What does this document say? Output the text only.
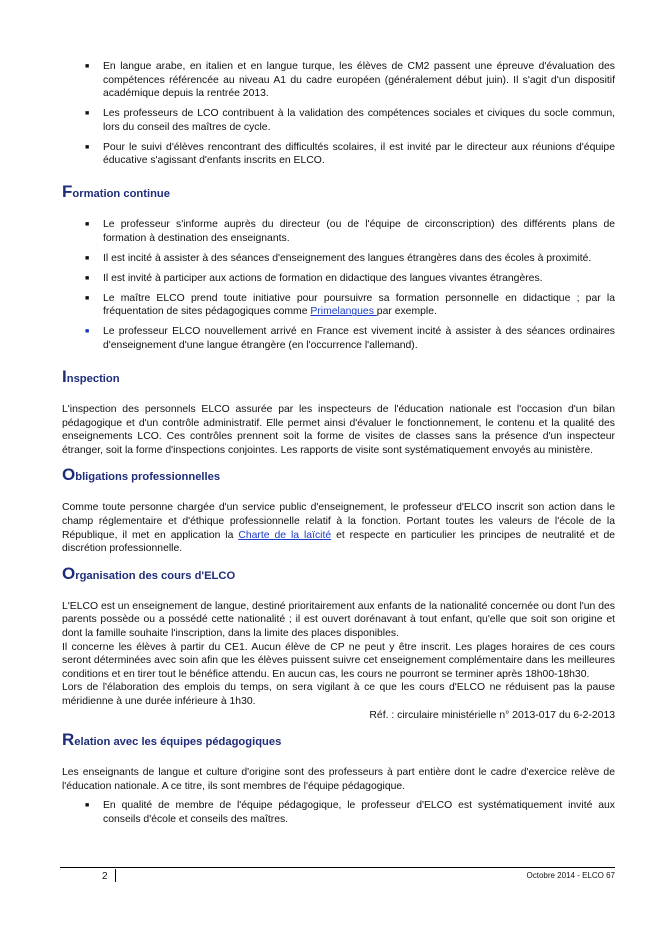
■ En langue arabe, en italien et en langue turque, les élèves de CM2 passent une épreuve d'évaluation des compétences référencée au niveau A1 du cadre européen (généralement début juin). Il s'agit d'un dispositif académique depuis la rentrée 2013.
■ Les professeurs de LCO contribuent à la validation des compétences sociales et civiques du socle commun, lors du conseil des maîtres de cycle.
■ Pour le suivi d'élèves rencontrant des difficultés scolaires, il est invité par le directeur aux réunions d'équipe éducative s'agissant d'enfants inscrits en ELCO.
Formation continue
■ Le professeur s'informe auprès du directeur (ou de l'équipe de circonscription) des différents plans de formation à destination des enseignants.
■ Il est incité à assister à des séances d'enseignement des langues étrangères dans des écoles à proximité.
■ Il est invité à participer aux actions de formation en didactique des langues vivantes étrangères.
■ Le maître ELCO prend toute initiative pour poursuivre sa formation personnelle en didactique ; par la fréquentation de sites pédagogiques comme Primelangues par exemple.
■ Le professeur ELCO nouvellement arrivé en France est vivement incité à assister à des séances ordinaires d'enseignement d'une langue étrangère (en l'occurrence l'allemand).
Inspection

L'inspection des personnels ELCO assurée par les inspecteurs de l'éducation nationale est l'occasion d'un bilan pédagogique et d'un contrôle administratif. Elle permet ainsi d'évaluer le fonctionnement, le contenu et la qualité des enseignements LCO. Ces contrôles prennent soit la forme de visites de classes sans la présence d'un inspecteur étranger, soit la forme d'inspections conjointes. Les rapports de visite sont systématiquement envoyés au ministère.

Obligations professionnelles

Comme toute personne chargée d'un service public d'enseignement, le professeur d'ELCO inscrit son action dans le champ réglementaire et d'éthique professionnelle relatif à la fonction. Portant toutes les valeurs de l'école de la République, il met en application la Charte de la laïcité et respecte en particulier les principes de neutralité et de discrétion professionnelle.

Organisation des cours d'ELCO

L'ELCO est un enseignement de langue, destiné prioritairement aux enfants de la nationalité concernée ou dont l'un des parents possède ou a possédé cette nationalité ; il est ouvert dorénavant à tout enfant, qu'elle que soit son origine et dont la famille souhaite l'inscription, dans la limite des places disponibles.

Il concerne les élèves à partir du CE1. Aucun élève de CP ne peut y être inscrit. Les plages horaires de ces cours seront déterminées avec soin afin que les élèves puissent suivre cet enseignement complémentaire dans les meilleures conditions et en tirer tout le bénéfice attendu. En aucun cas, les cours ne pourront se terminer après 18h00-18h30.

Lors de l'élaboration des emplois du temps, on sera vigilant à ce que les cours d'ELCO ne réduisent pas la pause méridienne à une durée inférieure à 1h30.

Réf. : circulaire ministérielle n° 2013-017 du 6-2-2013

Relation avec les équipes pédagogiques

Les enseignants de langue et culture d'origine sont des professeurs à part entière dont le cadre d'exercice relève de l'éducation nationale. A ce titre, ils sont membres de l'équipe pédagogique.

■ En qualité de membre de l'équipe pédagogique, le professeur d'ELCO est systématiquement invité aux conseils d'école et conseils des maîtres.
2	Octobre 2014 - ELCO 67
